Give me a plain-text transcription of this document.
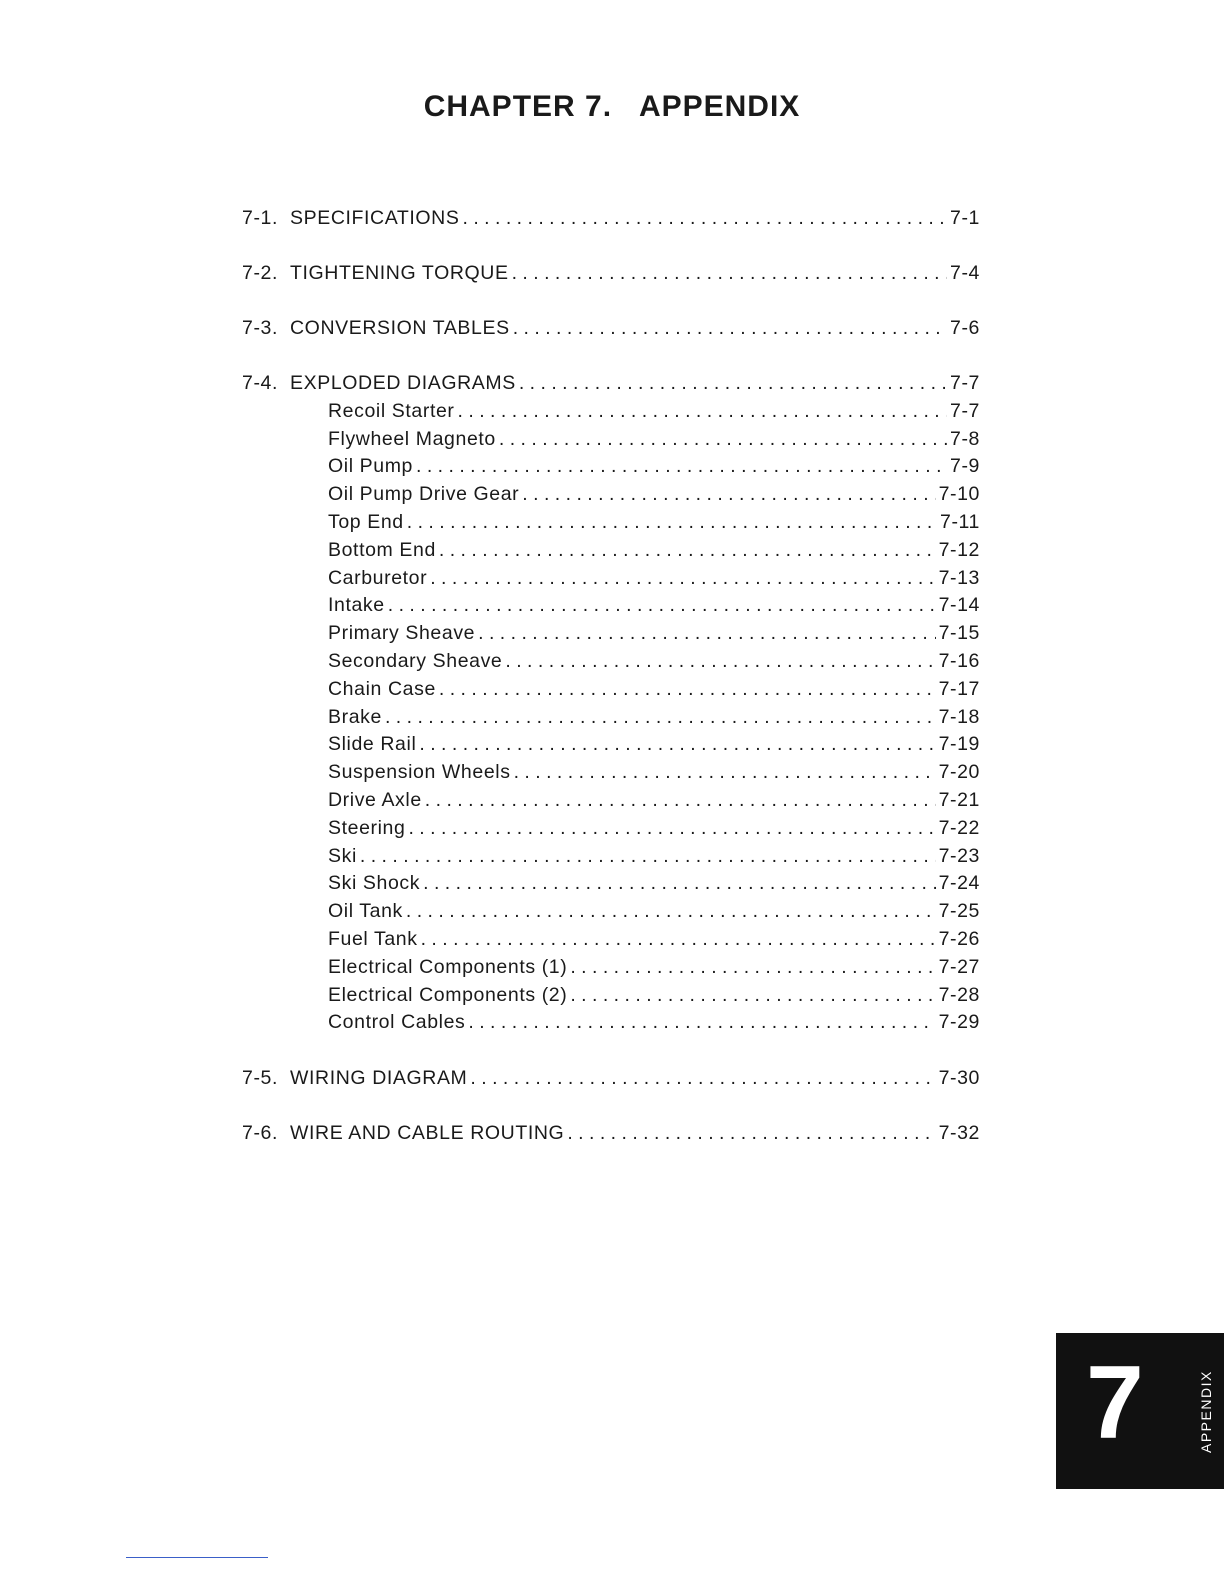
CHAPTER 7.   APPENDIX
7-1. SPECIFICATIONS . . .	7-1
7-2. TIGHTENING TORQUE . . .	7-4
7-3. CONVERSION TABLES . . .	7-6
7-4. EXPLODED DIAGRAMS . . .	7-7
Recoil Starter . . .	7-7
Flywheel Magneto . . .	7-8
Oil Pump . . .	7-9
Oil Pump Drive Gear . . .	7-10
Top End . . .	7-11
Bottom End . . .	7-12
Carburetor . . .	7-13
Intake . . .	7-14
Primary Sheave . . .	7-15
Secondary Sheave . . .	7-16
Chain Case . . .	7-17
Brake . . .	7-18
Slide Rail . . .	7-19
Suspension Wheels . . .	7-20
Drive Axle . . .	7-21
Steering . . .	7-22
Ski . . .	7-23
Ski Shock . . .	7-24
Oil Tank . . .	7-25
Fuel Tank . . .	7-26
Electrical Components (1) . . .	7-27
Electrical Components (2) . . .	7-28
Control Cables . . .	7-29
7-5. WIRING DIAGRAM . . .	7-30
7-6. WIRE AND CABLE ROUTING . . .	7-32
7	APPENDIX
